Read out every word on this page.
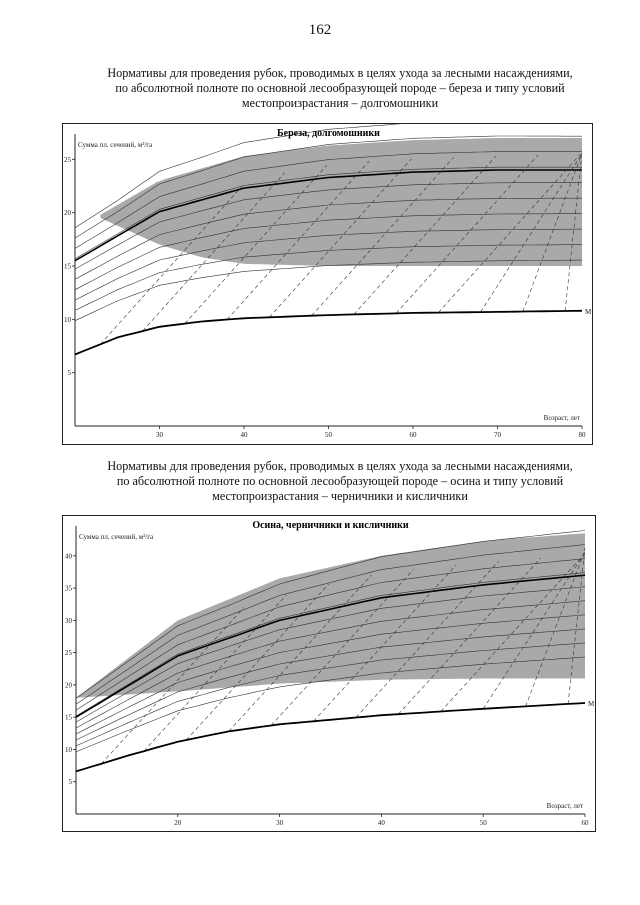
162
Нормативы для проведения рубок, проводимых в целях ухода за лесными насаждениями,
по абсолютной полноте по основной лесообразующей породе – береза и типу условий
местопроизрастания – долгомошники
M
Береза, долгомошники
Сумма пл. сечений, м²/га
Возраст, лет
30	40	50	60	70	80
5
10
15
20
25
Нормативы для проведения рубок, проводимых в целях ухода за лесными насаждениями,
по абсолютной полноте по основной лесообразующей породе – осина и типу условий
местопроизрастания – черничники и кисличники
M
Осина, черничники и кисличники
Сумма пл. сечений, м²/га
Возраст, лет
20	30	40	50	60
5
10
15
20
25
30
35
40
